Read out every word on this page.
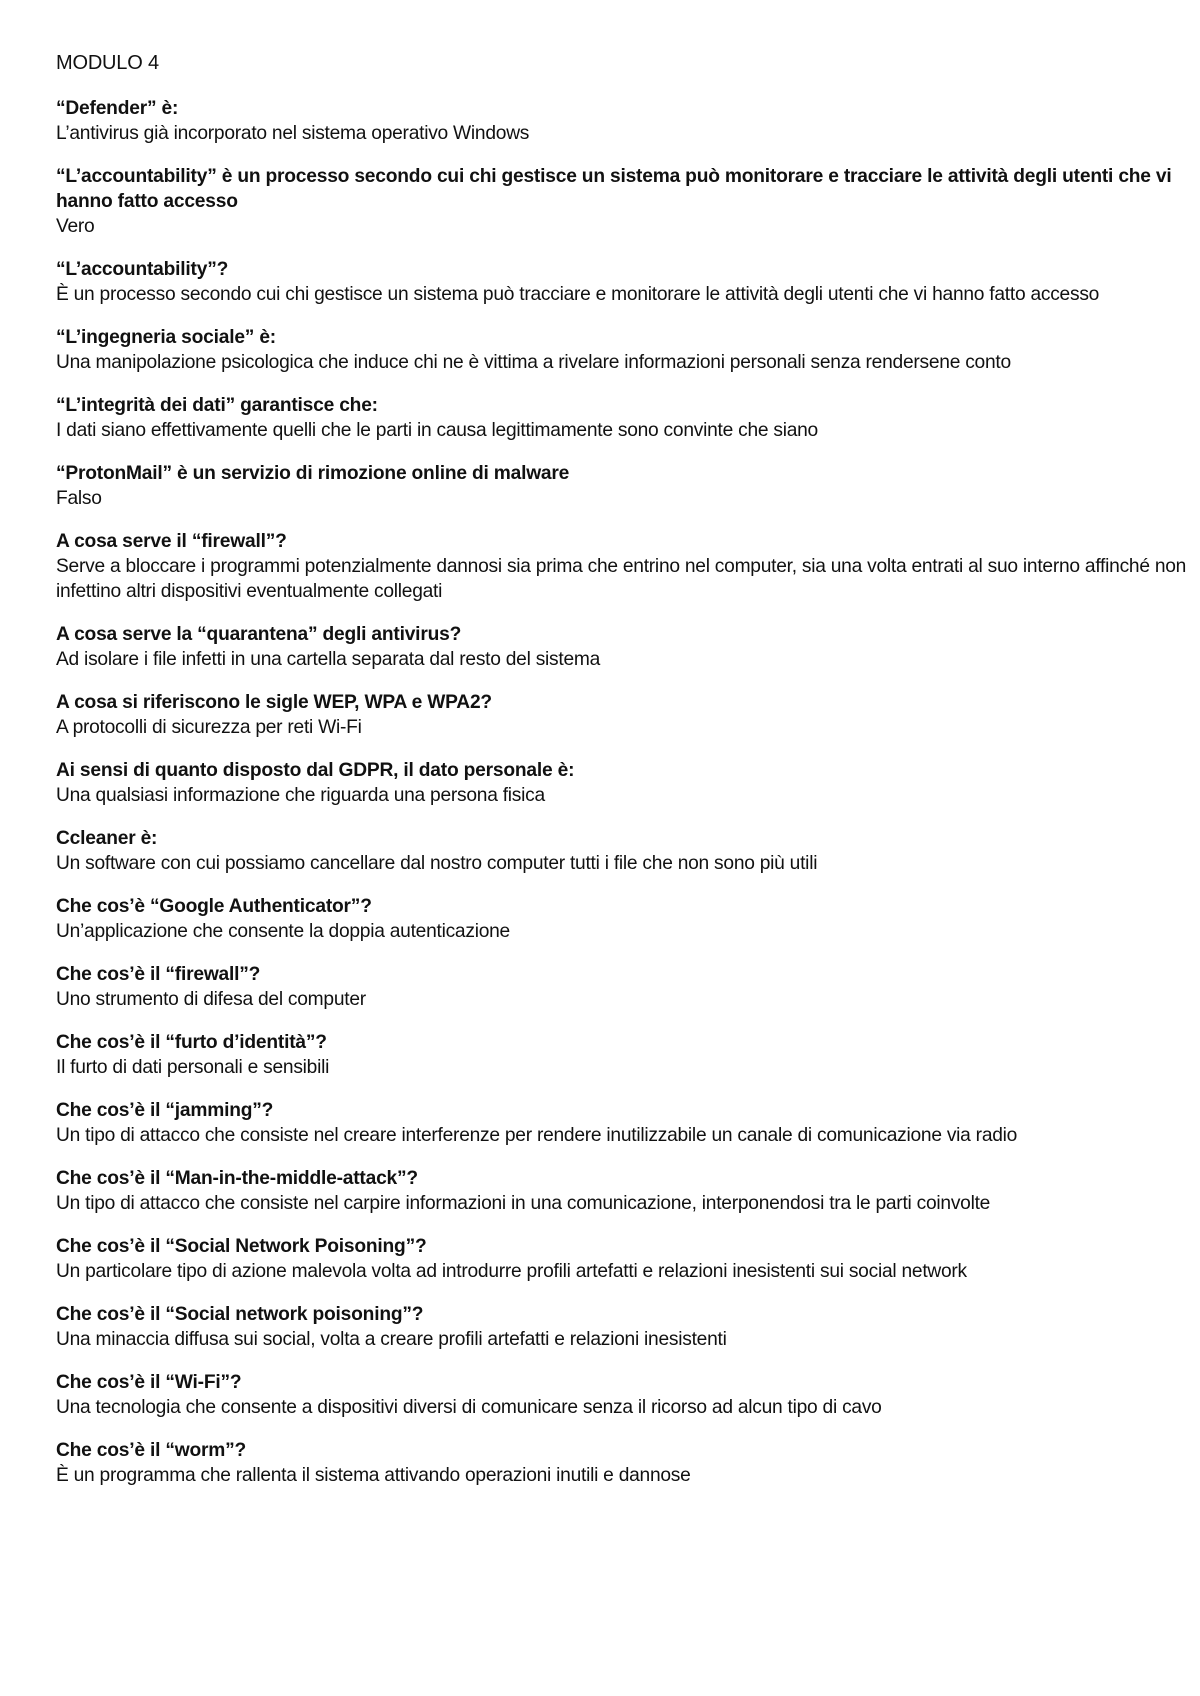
MODULO 4
“Defender” è:
L’antivirus già incorporato nel sistema operativo Windows
“L’accountability” è un processo secondo cui chi gestisce un sistema può monitorare e tracciare le attività degli utenti che vi hanno fatto accesso
Vero
“L’accountability”?
È un processo secondo cui chi gestisce un sistema può tracciare e monitorare le attività degli utenti che vi hanno fatto accesso
“L’ingegneria sociale” è:
Una manipolazione psicologica che induce chi ne è vittima a rivelare informazioni personali senza rendersene conto
“L’integrità dei dati” garantisce che:
I dati siano effettivamente quelli che le parti in causa legittimamente sono convinte che siano
“ProtonMail” è un servizio di rimozione online di malware
Falso
A cosa serve il “firewall”?
Serve a bloccare i programmi potenzialmente dannosi sia prima che entrino nel computer, sia una volta entrati al suo interno affinché non infettino altri dispositivi eventualmente collegati
A cosa serve la “quarantena” degli antivirus?
Ad isolare i file infetti in una cartella separata dal resto del sistema
A cosa si riferiscono le sigle WEP, WPA e WPA2?
A protocolli di sicurezza per reti Wi-Fi
Ai sensi di quanto disposto dal GDPR, il dato personale è:
Una qualsiasi informazione che riguarda una persona fisica
Ccleaner è:
Un software con cui possiamo cancellare dal nostro computer tutti i file che non sono più utili
Che cos’è “Google Authenticator”?
Un’applicazione che consente la doppia autenticazione
Che cos’è il “firewall”?
Uno strumento di difesa del computer
Che cos’è il “furto d’identità”?
Il furto di dati personali e sensibili
Che cos’è il “jamming”?
Un tipo di attacco che consiste nel creare interferenze per rendere inutilizzabile un canale di comunicazione via radio
Che cos’è il “Man-in-the-middle-attack”?
Un tipo di attacco che consiste nel carpire informazioni in una comunicazione, interponendosi tra le parti coinvolte
Che cos’è il “Social Network Poisoning”?
Un particolare tipo di azione malevola volta ad introdurre profili artefatti e relazioni inesistenti sui social network
Che cos’è il “Social network poisoning”?
Una minaccia diffusa sui social, volta a creare profili artefatti e relazioni inesistenti
Che cos’è il “Wi-Fi”?
Una tecnologia che consente a dispositivi diversi di comunicare senza il ricorso ad alcun tipo di cavo
Che cos’è il “worm”?
È un programma che rallenta il sistema attivando operazioni inutili e dannose
